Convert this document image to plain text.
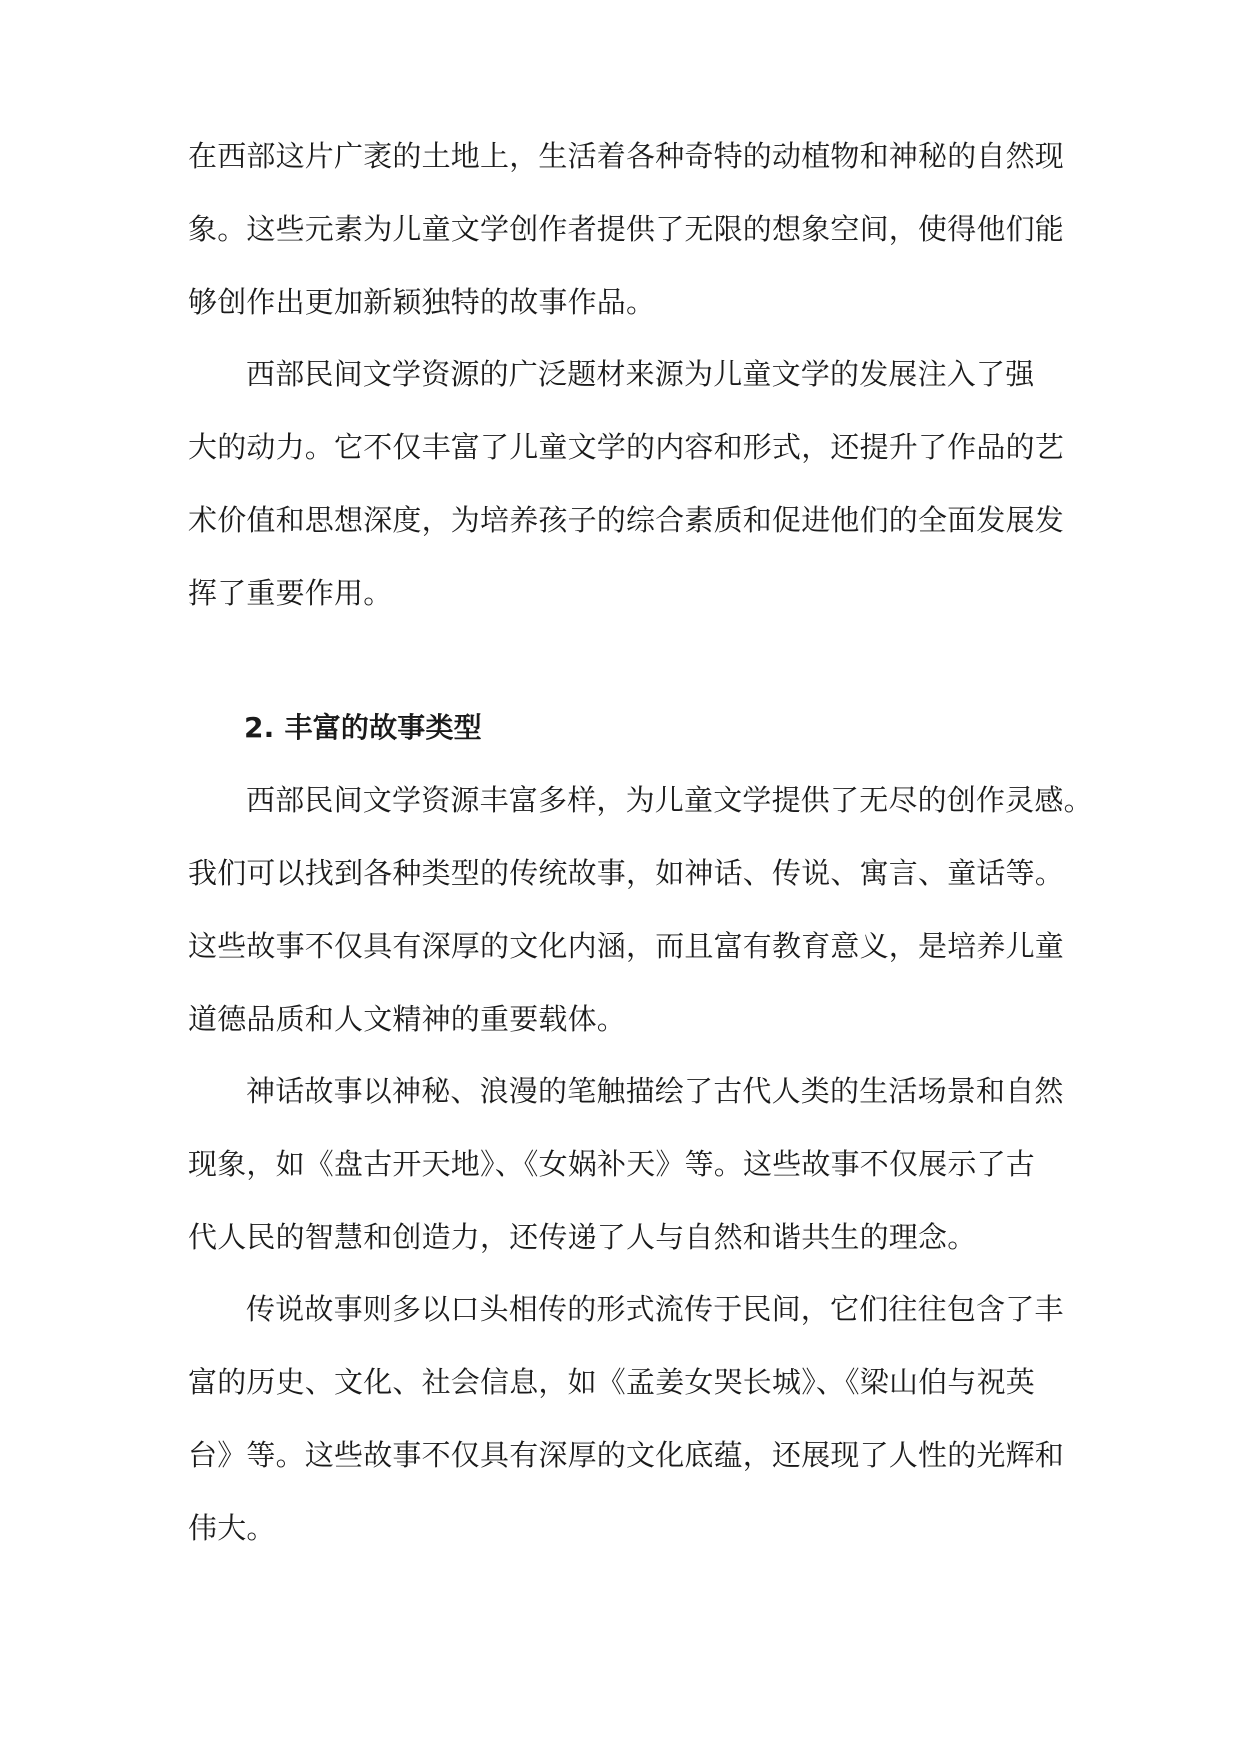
在西部这片广袤的土地上，生活着各种奇特的动植物和神秘的自然现
象。这些元素为儿童文学创作者提供了无限的想象空间，使得他们能
够创作出更加新颖独特的故事作品。
西部民间文学资源的广泛题材来源为儿童文学的发展注入了强
大的动力。它不仅丰富了儿童文学的内容和形式，还提升了作品的艺
术价值和思想深度，为培养孩子的综合素质和促进他们的全面发展发
挥了重要作用。
2. 丰富的故事类型
西部民间文学资源丰富多样，为儿童文学提供了无尽的创作灵感。
我们可以找到各种类型的传统故事，如神话、传说、寓言、童话等。
这些故事不仅具有深厚的文化内涵，而且富有教育意义，是培养儿童
道德品质和人文精神的重要载体。
神话故事以神秘、浪漫的笔触描绘了古代人类的生活场景和自然
现象，如《盘古开天地》、《女娲补天》等。这些故事不仅展示了古
代人民的智慧和创造力，还传递了人与自然和谐共生的理念。
传说故事则多以口头相传的形式流传于民间，它们往往包含了丰
富的历史、文化、社会信息，如《孟姜女哭长城》、《梁山伯与祝英
台》等。这些故事不仅具有深厚的文化底蕴，还展现了人性的光辉和
伟大。
